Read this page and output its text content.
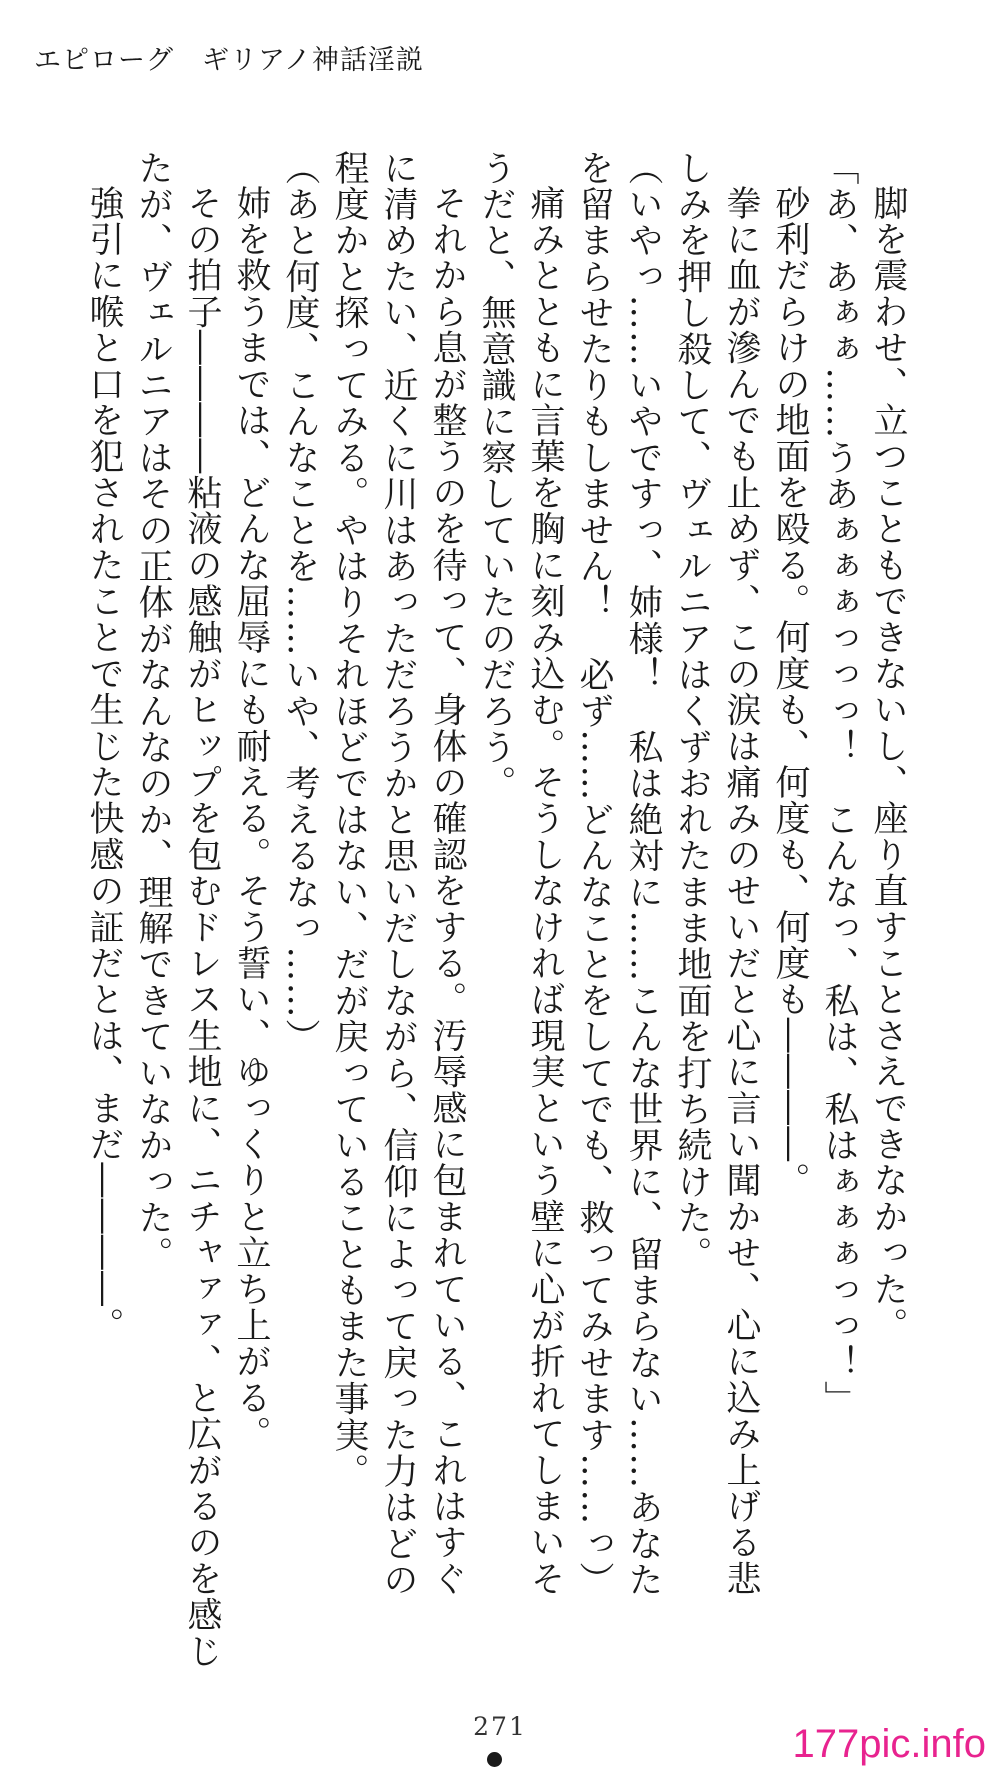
エピローグ　ギリアノ神話淫説
脚を震わせ、立つこともできないし、座り直すことさえできなかった。
「あ、あぁぁ……うあぁぁぁっっっ！　こんなっ、私は、私はぁぁぁっっ！」
砂利だらけの地面を殴る。何度も、何度も、何度も――――。
拳に血が滲んでも止めず、この涙は痛みのせいだと心に言い聞かせ、心に込み上げる悲
しみを押し殺して、ヴェルニアはくずおれたまま地面を打ち続けた。
（いやっ……いやですっ、姉様！　私は絶対に……こんな世界に、留まらない……あなた
を留まらせたりもしません！　必ず……どんなことをしてでも、救ってみせます……っ）
痛みとともに言葉を胸に刻み込む。そうしなければ現実という壁に心が折れてしまいそ
うだと、無意識に察していたのだろう。
それから息が整うのを待って、身体の確認をする。汚辱感に包まれている、これはすぐ
に清めたい、近くに川はあっただろうかと思いだしながら、信仰によって戻った力はどの
程度かと探ってみる。やはりそれほどではない、だが戻っていることもまた事実。
（あと何度、こんなことを……いや、考えるなっ……）
姉を救うまでは、どんな屈辱にも耐える。そう誓い、ゆっくりと立ち上がる。
その拍子――――粘液の感触がヒップを包むドレス生地に、ニチャァァ、と広がるのを感じ
たが、ヴェルニアはその正体がなんなのか、理解できていなかった。
強引に喉と口を犯されたことで生じた快感の証だとは、まだ――――。
271	177pic.info
